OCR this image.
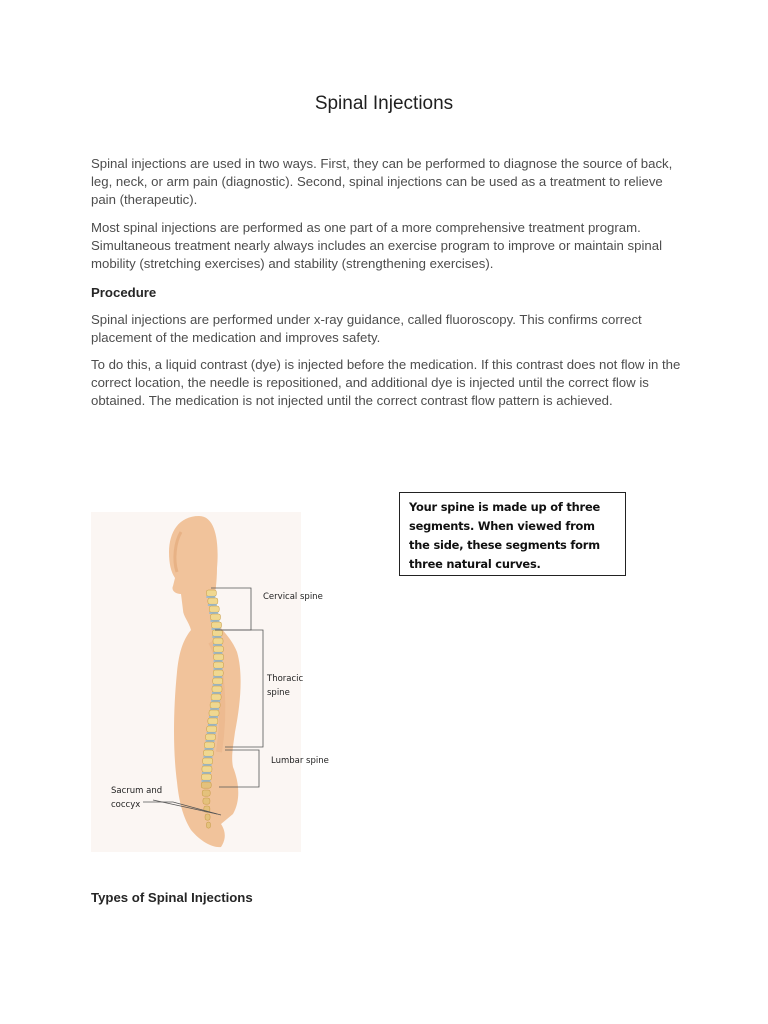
Spinal Injections

Spinal injections are used in two ways. First, they can be performed to diagnose the source of back, leg, neck, or arm pain (diagnostic). Second, spinal injections can be used as a treatment to relieve pain (therapeutic).

Most spinal injections are performed as one part of a more comprehensive treatment program. Simultaneous treatment nearly always includes an exercise program to improve or maintain spinal mobility (stretching exercises) and stability (strengthening exercises).

Procedure

Spinal injections are performed under x-ray guidance, called fluoroscopy. This confirms correct placement of the medication and improves safety.

To do this, a liquid contrast (dye) is injected before the medication. If this contrast does not flow in the correct location, the needle is repositioned, and additional dye is injected until the correct flow is obtained. The medication is not injected until the correct contrast flow pattern is achieved.

Your spine is made up of three segments. When viewed from the side, these segments form three natural curves.
Cervical spine
Thoracic spine
Lumbar spine
Sacrum and coccyx
Types of Spinal Injections
